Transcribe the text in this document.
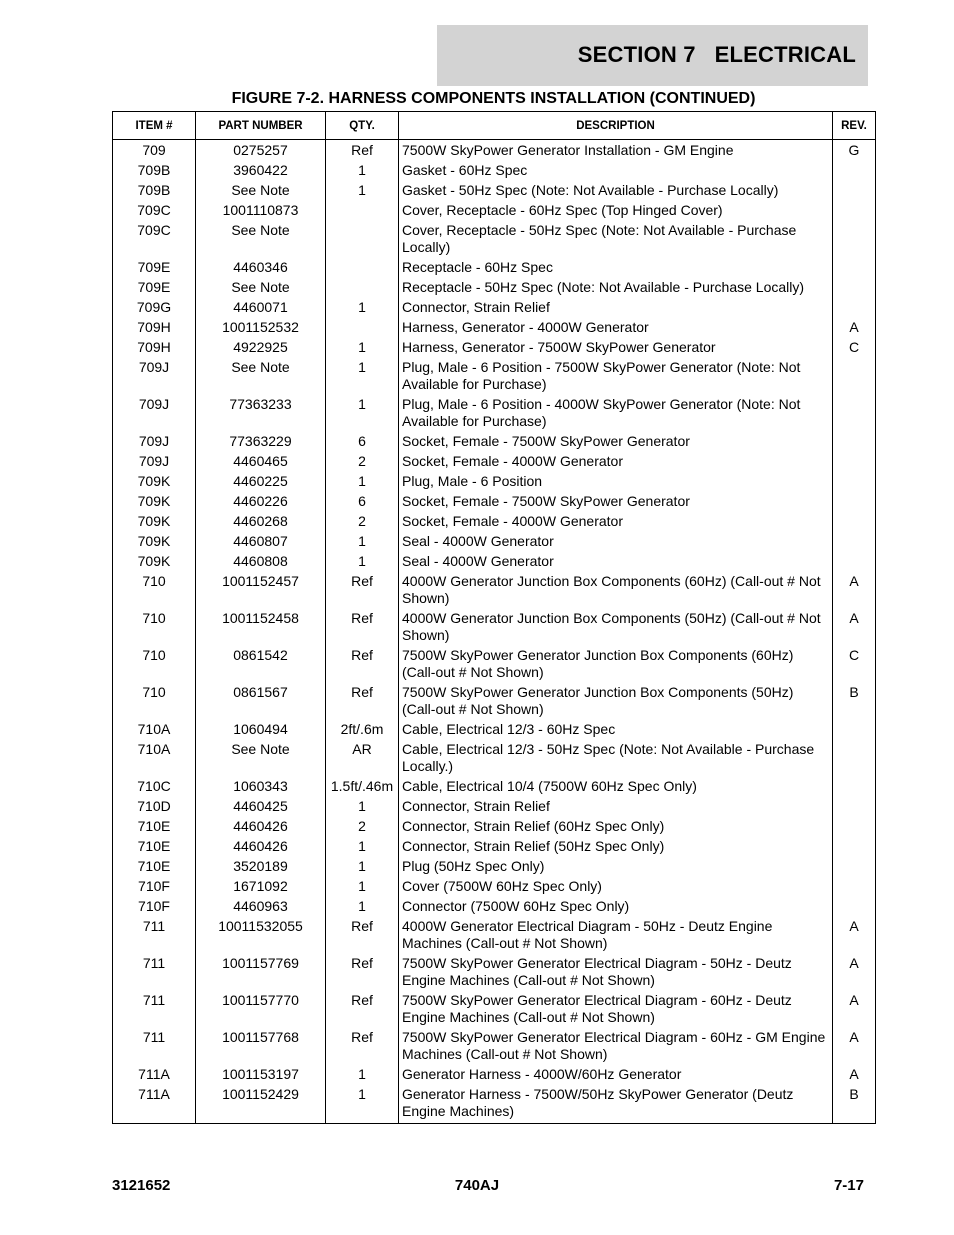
SECTION 7   ELECTRICAL
FIGURE 7-2. HARNESS COMPONENTS INSTALLATION (CONTINUED)
ITEM #	PART NUMBER	QTY.	DESCRIPTION	REV.
709	0275257	Ref	7500W SkyPower Generator Installation - GM Engine	G
709B	3960422	1	Gasket - 60Hz Spec	
709B	See Note	1	Gasket - 50Hz Spec (Note: Not Available - Purchase Locally)	
709C	1001110873		Cover, Receptacle - 60Hz Spec (Top Hinged Cover)	
709C	See Note		Cover, Receptacle - 50Hz Spec (Note: Not Available - Purchase Locally)	
709E	4460346		Receptacle - 60Hz Spec	
709E	See Note		Receptacle - 50Hz Spec (Note: Not Available - Purchase Locally)	
709G	4460071	1	Connector, Strain Relief	
709H	1001152532		Harness, Generator - 4000W Generator	A
709H	4922925	1	Harness, Generator - 7500W SkyPower Generator	C
709J	See Note	1	Plug, Male - 6 Position - 7500W SkyPower Generator (Note: Not Available for Purchase)	
709J	77363233	1	Plug, Male - 6 Position - 4000W SkyPower Generator (Note: Not Available for Purchase)	
709J	77363229	6	Socket, Female - 7500W SkyPower Generator	
709J	4460465	2	Socket, Female - 4000W Generator	
709K	4460225	1	Plug, Male - 6 Position	
709K	4460226	6	Socket, Female - 7500W SkyPower Generator	
709K	4460268	2	Socket, Female - 4000W Generator	
709K	4460807	1	Seal - 4000W Generator	
709K	4460808	1	Seal - 4000W Generator	
710	1001152457	Ref	4000W Generator Junction Box Components (60Hz) (Call-out # Not Shown)	A
710	1001152458	Ref	4000W Generator Junction Box Components (50Hz) (Call-out # Not Shown)	A
710	0861542	Ref	7500W SkyPower Generator Junction Box Components (60Hz) (Call-out # Not Shown)	C
710	0861567	Ref	7500W SkyPower Generator Junction Box Components (50Hz) (Call-out # Not Shown)	B
710A	1060494	2ft/.6m	Cable, Electrical 12/3 - 60Hz Spec	
710A	See Note	AR	Cable, Electrical 12/3 - 50Hz Spec (Note: Not Available - Purchase Locally.)	
710C	1060343	1.5ft/.46m	Cable, Electrical 10/4 (7500W 60Hz Spec Only)	
710D	4460425	1	Connector, Strain Relief	
710E	4460426	2	Connector, Strain Relief (60Hz Spec Only)	
710E	4460426	1	Connector, Strain Relief (50Hz Spec Only)	
710E	3520189	1	Plug (50Hz Spec Only)	
710F	1671092	1	Cover (7500W 60Hz Spec Only)	
710F	4460963	1	Connector (7500W 60Hz Spec Only)	
711	10011532055	Ref	4000W Generator Electrical Diagram - 50Hz - Deutz Engine Machines (Call-out # Not Shown)	A
711	1001157769	Ref	7500W SkyPower Generator Electrical Diagram - 50Hz - Deutz Engine Machines (Call-out # Not Shown)	A
711	1001157770	Ref	7500W SkyPower Generator Electrical Diagram - 60Hz - Deutz Engine Machines (Call-out # Not Shown)	A
711	1001157768	Ref	7500W SkyPower Generator Electrical Diagram - 60Hz - GM Engine Machines (Call-out # Not Shown)	A
711A	1001153197	1	Generator Harness - 4000W/60Hz Generator	A
711A	1001152429	1	Generator Harness - 7500W/50Hz SkyPower Generator (Deutz Engine Machines)	B
3121652	740AJ	7-17
